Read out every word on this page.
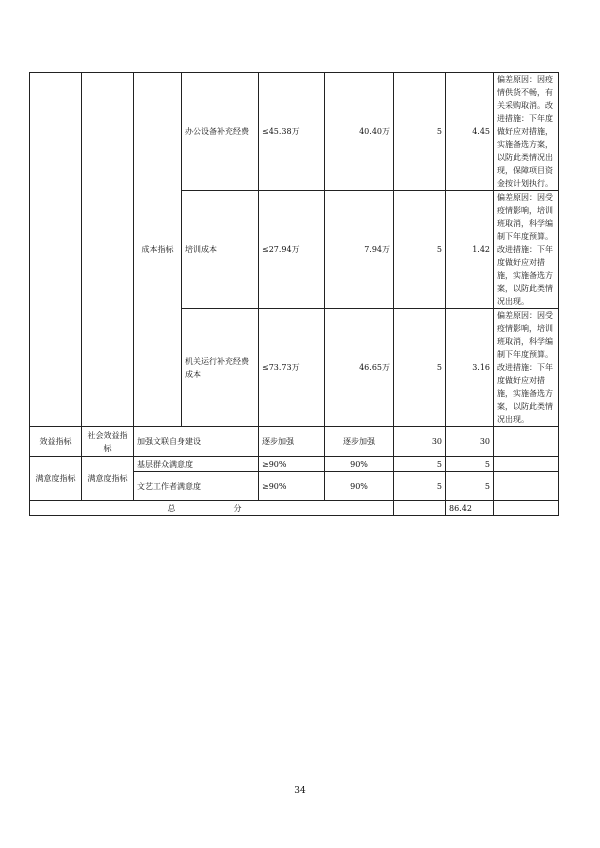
		成本指标	办公设备补充经费	≤45.38万	40.40万	5	4.45	偏差原因：因疫情供货不畅，有关采购取消。改进措施：下年度做好应对措施，实施备选方案，以防此类情况出现，保障项目资金按计划执行。
			培训成本	≤27.94万	7.94万	5	1.42	偏差原因：因受疫情影响，培训班取消，科学编制下年度预算。改进措施：下年度做好应对措施，实施备选方案，以防此类情况出现。
			机关运行补充经费成本	≤73.73万	46.65万	5	3.16	偏差原因：因受疫情影响，培训班取消，科学编制下年度预算。改进措施：下年度做好应对措施，实施备选方案，以防此类情况出现。
效益指标	社会效益指标	加强文联自身建设		逐步加强	逐步加强	30	30	
满意度指标	满意度指标	基层群众满意度		≥90%	90%	5	5	
		文艺工作者满意度		≥90%	90%	5	5	
总　　分							86.42	
34
